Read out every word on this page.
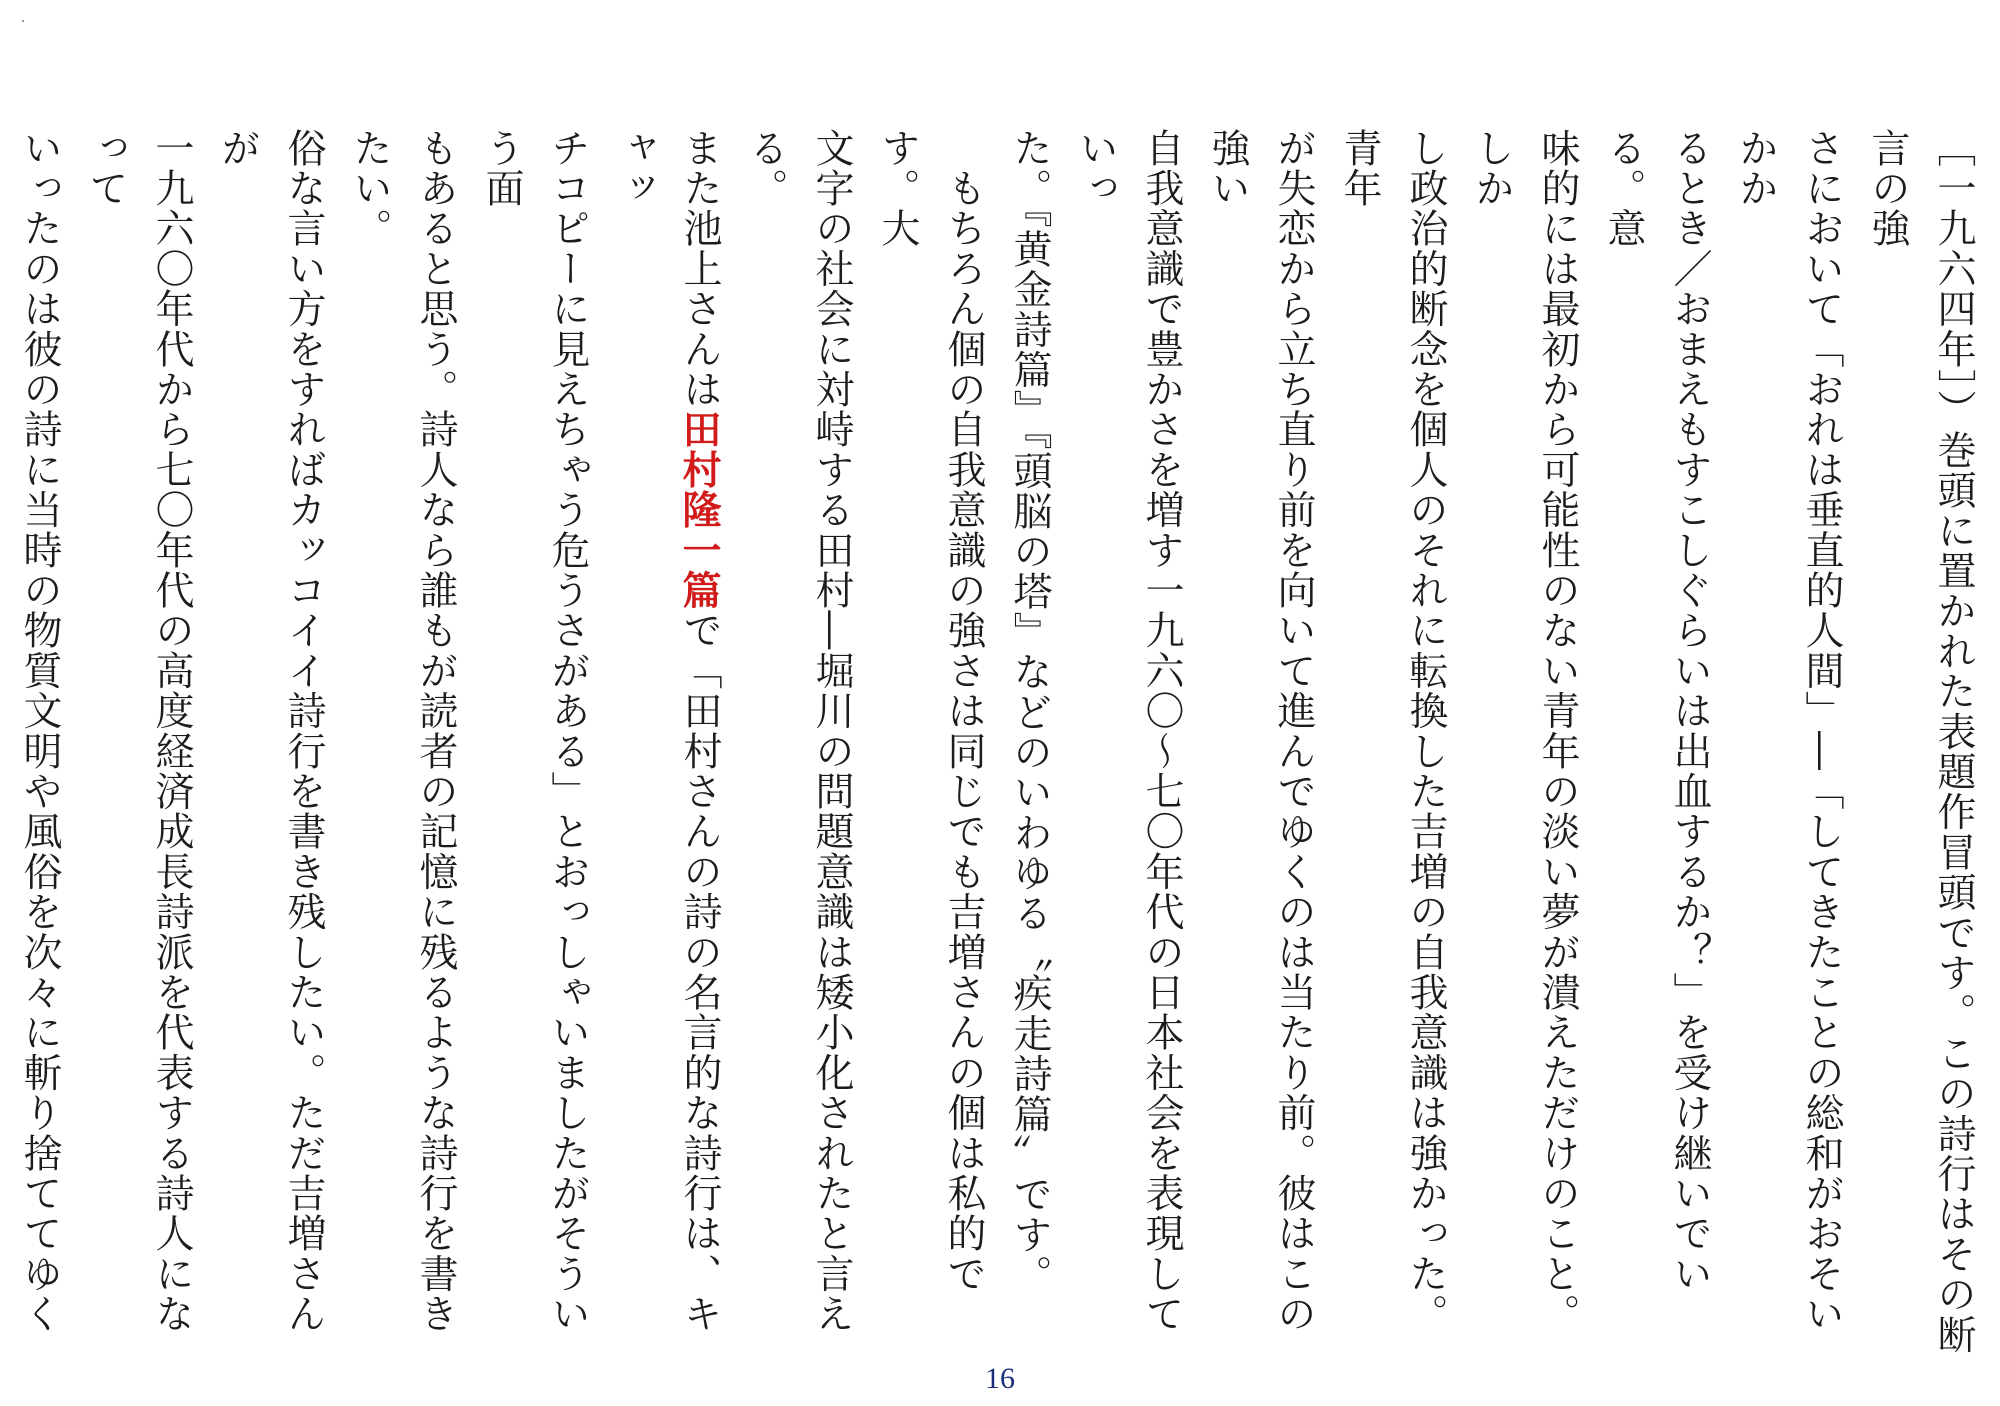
［一九六四年］）巻頭に置かれた表題作冒頭です。この詩行はその断言の強
さにおいて「おれは垂直的人間」―「してきたことの総和がおそいかか
るとき／おまえもすこしぐらいは出血するか？」を受け継いでいる。意
味的には最初から可能性のない青年の淡い夢が潰えただけのこと。しか
し政治的断念を個人のそれに転換した吉増の自我意識は強かった。青年
が失恋から立ち直り前を向いて進んでゆくのは当たり前。彼はこの強い
自我意識で豊かさを増す一九六〇～七〇年代の日本社会を表現していっ
た。『黄金詩篇』『頭脳の塔』などのいわゆる〝疾走詩篇〟です。
　もちろん個の自我意識の強さは同じでも吉増さんの個は私的です。大
文字の社会に対峙する田村―堀川の問題意識は矮小化されたと言える。
また池上さんは田村隆一篇で「田村さんの詩の名言的な詩行は、キャッ
チコピーに見えちゃう危うさがある」とおっしゃいましたがそういう面
もあると思う。詩人なら誰もが読者の記憶に残るような詩行を書きたい。
俗な言い方をすればカッコイイ詩行を書き残したい。ただ吉増さんが
一九六〇年代から七〇年代の高度経済成長詩派を代表する詩人になって
いったのは彼の詩に当時の物質文明や風俗を次々に斬り捨ててゆく
16
